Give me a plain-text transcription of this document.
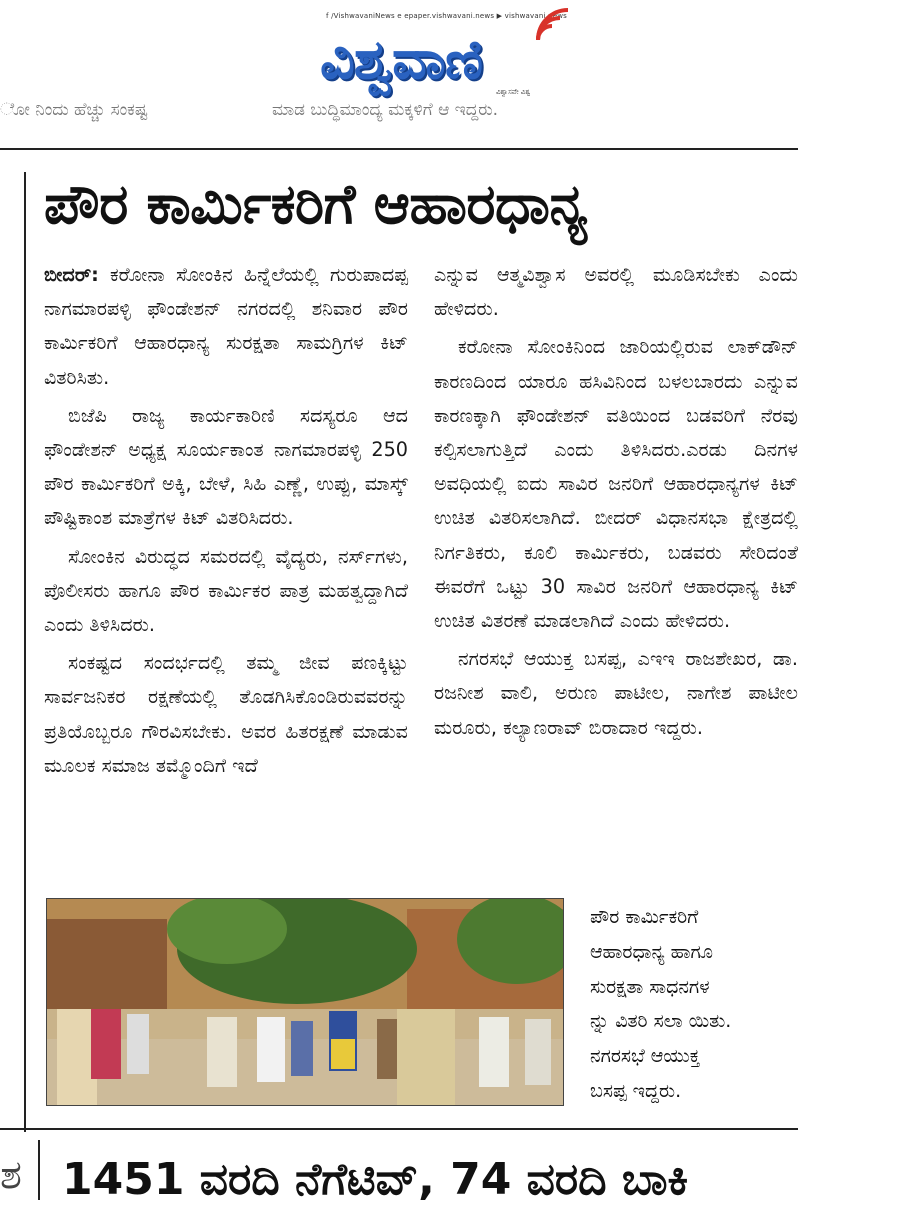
f /VishwavaniNews e epaper.vishwavani.news ▶ vishwavani.news
ವಿಶ್ವವಾಣಿ
ವಿಶ್ವಾಸವೇ ವಿಶ್ವ
ೋ ನಿಂದು ಹೆಚ್ಚು ಸಂಕಷ್ಟ	ಮಾಡ ಬುದ್ಧಿಮಾಂದ್ಯ ಮಕ್ಕಳಿಗೆ ಆ ಇದ್ದರು.
ಪೌರ ಕಾರ್ಮಿಕರಿಗೆ ಆಹಾರಧಾನ್ಯ

ಬೀದರ್: ಕರೋನಾ ಸೋಂಕಿನ ಹಿನ್ನೆಲೆಯಲ್ಲಿ ಗುರುಪಾದಪ್ಪ ನಾಗಮಾರಪಳ್ಳಿ ಫೌಂಡೇಶನ್ ನಗರದಲ್ಲಿ ಶನಿವಾರ ಪೌರ ಕಾರ್ಮಿಕರಿಗೆ ಆಹಾರಧಾನ್ಯ ಸುರಕ್ಷತಾ ಸಾಮಗ್ರಿಗಳ ಕಿಟ್ ವಿತರಿಸಿತು.

ಬಿಜೆಪಿ ರಾಜ್ಯ ಕಾರ್ಯಕಾರಿಣಿ ಸದಸ್ಯರೂ ಆದ ಫೌಂಡೇಶನ್ ಅಧ್ಯಕ್ಷ ಸೂರ್ಯಕಾಂತ ನಾಗಮಾರಪಳ್ಳಿ 250 ಪೌರ ಕಾರ್ಮಿಕರಿಗೆ ಅಕ್ಕಿ, ಬೇಳೆ, ಸಿಹಿ ಎಣ್ಣೆ, ಉಪ್ಪು, ಮಾಸ್ಕ್ ಪೌಷ್ಟಿಕಾಂಶ ಮಾತ್ರೆಗಳ ಕಿಟ್ ವಿತರಿಸಿದರು.

ಸೋಂಕಿನ ವಿರುದ್ಧದ ಸಮರದಲ್ಲಿ ವೈದ್ಯರು, ನರ್ಸ್‌ಗಳು, ಪೊಲೀಸರು ಹಾಗೂ ಪೌರ ಕಾರ್ಮಿಕರ ಪಾತ್ರ ಮಹತ್ವದ್ದಾಗಿದೆ ಎಂದು ತಿಳಿಸಿದರು.

ಸಂಕಷ್ಟದ ಸಂದರ್ಭದಲ್ಲಿ ತಮ್ಮ ಜೀವ ಪಣಕ್ಕಿಟ್ಟು ಸಾರ್ವಜನಿಕರ ರಕ್ಷಣೆಯಲ್ಲಿ ತೊಡಗಿಸಿಕೊಂಡಿರುವವರನ್ನು ಪ್ರತಿಯೊಬ್ಬರೂ ಗೌರವಿಸಬೇಕು. ಅವರ ಹಿತರಕ್ಷಣೆ ಮಾಡುವ ಮೂಲಕ ಸಮಾಜ ತಮ್ಮೊಂದಿಗೆ ಇದೆ

ಎನ್ನುವ ಆತ್ಮವಿಶ್ವಾಸ ಅವರಲ್ಲಿ ಮೂಡಿಸಬೇಕು ಎಂದು ಹೇಳಿದರು.

ಕರೋನಾ ಸೋಂಕಿನಿಂದ ಜಾರಿಯಲ್ಲಿರುವ ಲಾಕ್‌ಡೌನ್ ಕಾರಣದಿಂದ ಯಾರೂ ಹಸಿವಿನಿಂದ ಬಳಲಬಾರದು ಎನ್ನುವ ಕಾರಣಕ್ಕಾಗಿ ಫೌಂಡೇಶನ್ ವತಿಯಿಂದ ಬಡವರಿಗೆ ನೆರವು ಕಲ್ಪಿಸಲಾಗುತ್ತಿದೆ ಎಂದು ತಿಳಿಸಿದರು.ಎರಡು ದಿನಗಳ ಅವಧಿಯಲ್ಲಿ ಐದು ಸಾವಿರ ಜನರಿಗೆ ಆಹಾರಧಾನ್ಯಗಳ ಕಿಟ್ ಉಚಿತ ವಿತರಿಸಲಾಗಿದೆ. ಬೀದರ್ ವಿಧಾನಸಭಾ ಕ್ಷೇತ್ರದಲ್ಲಿ ನಿರ್ಗತಿಕರು, ಕೂಲಿ ಕಾರ್ಮಿಕರು, ಬಡವರು ಸೇರಿದಂತೆ ಈವರೆಗೆ ಒಟ್ಟು 30 ಸಾವಿರ ಜನರಿಗೆ ಆಹಾರಧಾನ್ಯ ಕಿಟ್ ಉಚಿತ ವಿತರಣೆ ಮಾಡಲಾಗಿದೆ ಎಂದು ಹೇಳಿದರು.

ನಗರಸಭೆ ಆಯುಕ್ತ ಬಸಪ್ಪ, ಎಇಇ ರಾಜಶೇಖರ, ಡಾ. ರಜನೀಶ ವಾಲಿ, ಅರುಣ ಪಾಟೀಲ, ನಾಗೇಶ ಪಾಟೀಲ ಮರೂರು, ಕಲ್ಯಾಣರಾವ್ ಬಿರಾದಾರ ಇದ್ದರು.

ಪೌರ ಕಾರ್ಮಿಕರಿಗೆ
ಆಹಾರಧಾನ್ಯ ಹಾಗೂ
ಸುರಕ್ಷತಾ ಸಾಧನಗಳ
ನ್ನು ವಿತರಿ ಸಲಾ ಯಿತು.
ನಗರಸಭೆ ಆಯುಕ್ತ
ಬಸಪ್ಪ ಇದ್ದರು.
ಶ 1451 ವರದಿ ನೆಗೆಟಿವ್, 74 ವರದಿ ಬಾಕಿ
